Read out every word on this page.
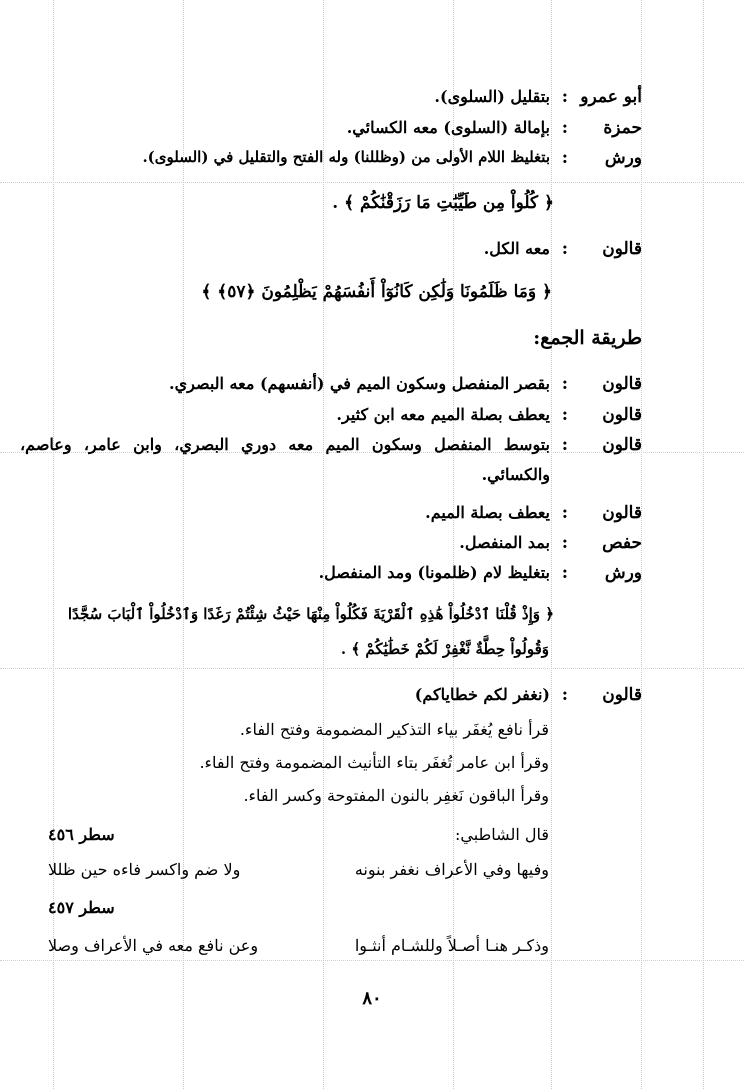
أبو عمرو
:
بتقليل (السلوى).
حمزة
:
بإمالة (السلوى) معه الكسائي.
ورش
:
بتغليظ اللام الأولى من (وظللنا) وله الفتح والتقليل في (السلوى).
﴿ كُلُواْ مِن طَيِّبَٰتِ مَا رَزَقْنَٰكُمْ ﴾ .
قالون
:
معه الكل.
﴿ وَمَا ظَلَمُونَا وَلَٰكِن كَانُوٓاْ أَنفُسَهُمْ يَظْلِمُونَ ﴿٥٧﴾ ﴾
طريقة الجمع:
قالون
:
بقصر المنفصل وسكون الميم في (أنفسهم) معه البصري.
قالون
:
يعطف بصلة الميم معه ابن كثير.
قالون
:
بتوسط المنفصل وسكون الميم معه دوري البصري، وابن عامر، وعاصم، والكسائي.
قالون
:
يعطف بصلة الميم.
حفص
:
بمد المنفصل.
ورش
:
بتغليظ لام (ظلمونا) ومد المنفصل.
﴿ وَإِذْ قُلْنَا ٱدْخُلُواْ هَٰذِهِ ٱلْقَرْيَةَ فَكُلُواْ مِنْهَا حَيْثُ شِئْتُمْ رَغَدًا وَٱدْخُلُواْ ٱلْبَابَ سُجَّدًا
وَقُولُواْ حِطَّةٌ نَّغْفِرْ لَكُمْ خَطَٰيَٰكُمْ ﴾ .
قالون
:
(نغفر لكم خطاياكم)
قرأ نافع يُغفَر بياء التذكير المضمومة وفتح الفاء.
وقرأ ابن عامر تُغفَر بتاء التأنيث المضمومة وفتح الفاء.
وقرأ الباقون نَغفِر بالنون المفتوحة وكسر الفاء.
قال الشاطبي:
سطر ٤٥٦
وفيها وفي الأعراف نغفر بنونه
ولا ضم واكسر فاءه حين ظللا
سطر ٤٥٧
وذكـر هنـا أصـلاً وللشـام أنثـوا
وعن نافع معه في الأعراف وصلا
٨٠
